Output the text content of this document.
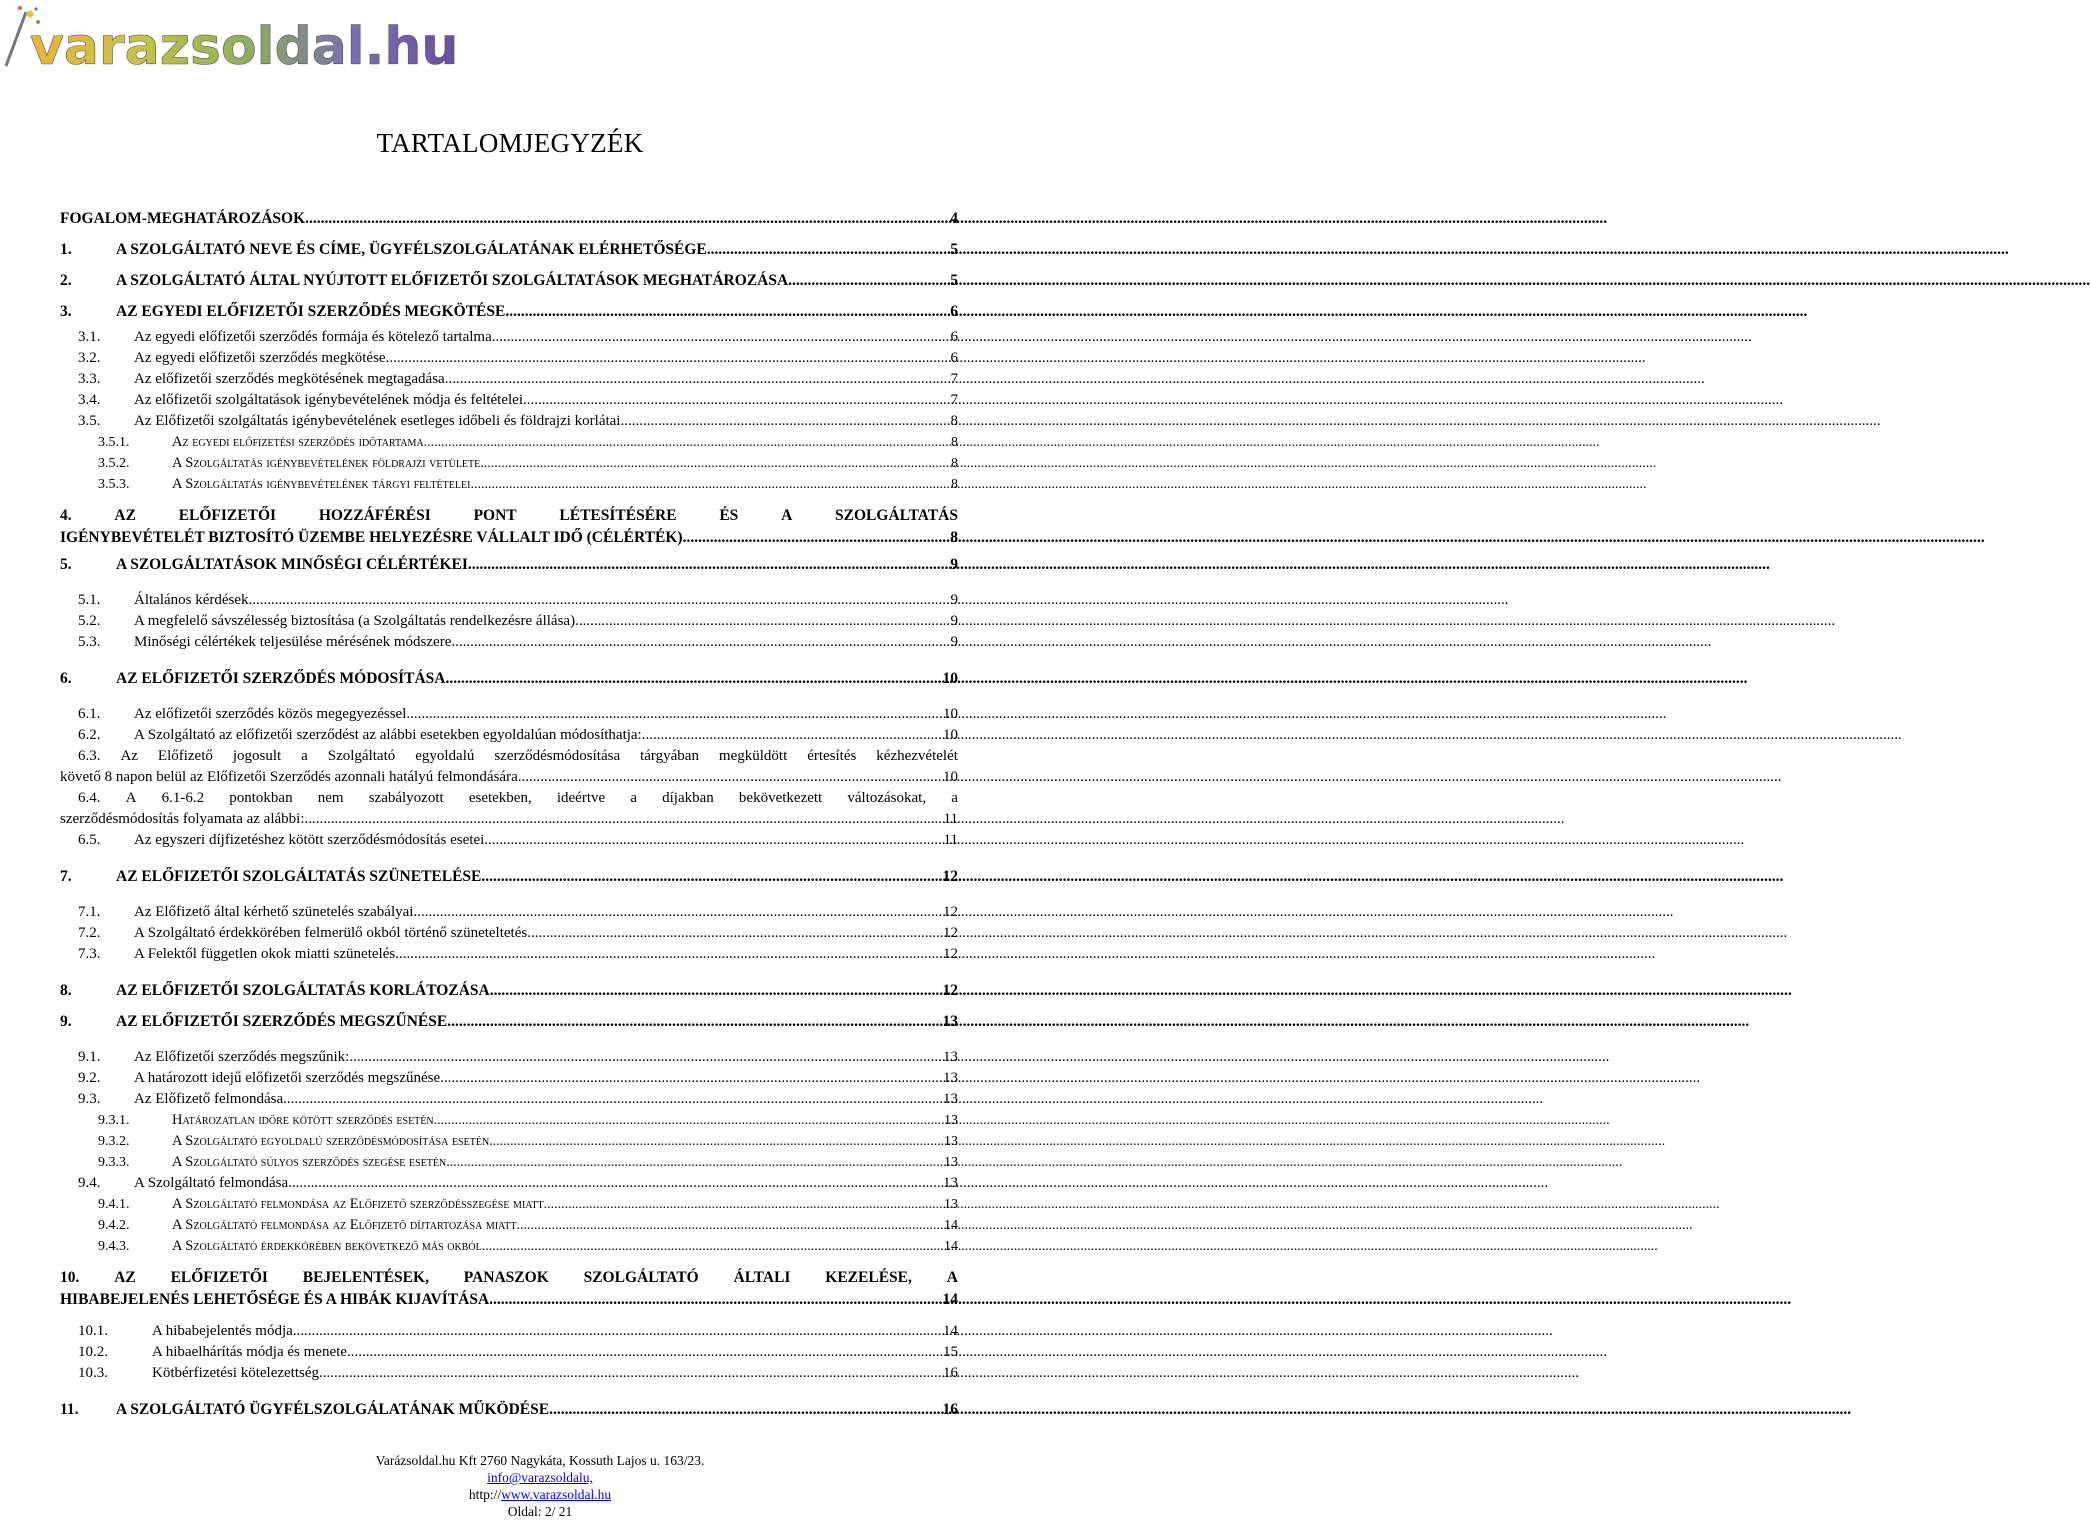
varazsoldal.hu
TARTALOMJEGYZÉK
FOGALOM-MEGHATÁROZÁSOK .....	4
1.	A SZOLGÁLTATÓ NEVE ÉS CÍME, ÜGYFÉLSZOLGÁLATÁNAK ELÉRHETŐSÉGE .....	5
2.	A SZOLGÁLTATÓ ÁLTAL NYÚJTOTT ELŐFIZETŐI SZOLGÁLTATÁSOK MEGHATÁROZÁSA .....	5
3.	AZ EGYEDI ELŐFIZETŐI SZERZŐDÉS MEGKÖTÉSE .....	6
3.1.	Az egyedi előfizetői szerződés formája és kötelező tartalma .....	6
3.2.	Az egyedi előfizetői szerződés megkötése .....	6
3.3.	Az előfizetői szerződés megkötésének megtagadása .....	7
3.4.	Az előfizetői szolgáltatások igénybevételének módja és feltételei .....	7
3.5.	Az Előfizetői szolgáltatás igénybevételének esetleges időbeli és földrajzi korlátai .....	8
3.5.1.	Az egyedi előfizetési szerződés időtartama .....	8
3.5.2.	A Szolgáltatás igénybevételének földrajzi vetülete .....	8
3.5.3.	A Szolgáltatás igénybevételének tárgyi feltételei .....	8
4.	AZ	ELŐFIZETŐI	HOZZÁFÉRÉSI	PONT	LÉTESÍTÉSÉRE	ÉS	A	SZOLGÁLTATÁS
IGÉNYBEVÉTELÉT BIZTOSÍTÓ ÜZEMBE HELYEZÉSRE VÁLLALT IDŐ (CÉLÉRTÉK) .....	8
5.	A SZOLGÁLTATÁSOK MINŐSÉGI CÉLÉRTÉKEI .....	9
5.1.	Általános kérdések .....	9
5.2.	A megfelelő sávszélesség biztosítása (a Szolgáltatás rendelkezésre állása) .....	9
5.3.	Minőségi célértékek teljesülése mérésének módszere .....	9
6.	AZ ELŐFIZETŐI SZERZŐDÉS MÓDOSÍTÁSA .....	10
6.1.	Az előfizetői szerződés közös megegyezéssel .....	10
6.2.	A Szolgáltató az előfizetői szerződést az alábbi esetekben egyoldalúan módosíthatja: .....	10
6.3. Az Előfizető jogosult a Szolgáltató egyoldalú szerződésmódosítása tárgyában megküldött értesítés kézhezvételét
követő 8 napon belül az Előfizetői Szerződés azonnali hatályú felmondására. .....	10
6.4. A 6.1-6.2 pontokban nem szabályozott esetekben, ideértve a díjakban bekövetkezett változásokat, a
szerződésmódosítás folyamata az alábbi: .....	11
6.5.	Az egyszeri díjfizetéshez kötött szerződésmódosítás esetei .....	11
7.	AZ ELŐFIZETŐI SZOLGÁLTATÁS SZÜNETELÉSE .....	12
7.1.	Az Előfizető által kérhető szünetelés szabályai .....	12
7.2.	A Szolgáltató érdekkörében felmerülő okból történő szüneteltetés .....	12
7.3.	A Felektől független okok miatti szünetelés .....	12
8.	AZ ELŐFIZETŐI SZOLGÁLTATÁS KORLÁTOZÁSA .....	12
9.	AZ ELŐFIZETŐI SZERZŐDÉS MEGSZŰNÉSE .....	13
9.1.	Az Előfizetői szerződés megszűnik: .....	13
9.2.	A határozott idejű előfizetői szerződés megszűnése .....	13
9.3.	Az Előfizető felmondása .....	13
9.3.1.	Határozatlan időre kötött szerződés esetén .....	13
9.3.2.	A Szolgáltató egyoldalú szerződésmódosítása esetén .....	13
9.3.3.	A Szolgáltató súlyos szerződés szegése esetén .....	13
9.4.	A Szolgáltató felmondása .....	13
9.4.1.	A Szolgáltató felmondása az Előfizető szerződésszegése miatt .....	13
9.4.2.	A Szolgáltató felmondása az Előfizető díjtartozása miatt .....	14
9.4.3.	A Szolgáltató érdekkörében bekövetkező más okból .....	14
10. AZ ELŐFIZETŐI BEJELENTÉSEK, PANASZOK SZOLGÁLTATÓ ÁLTALI KEZELÉSE, A
HIBABEJELENÉS LEHETŐSÉGE ÉS A HIBÁK KIJAVÍTÁSA .....	14
10.1.	A hibabejelentés módja .....	14
10.2.	A hibaelhárítás módja és menete .....	15
10.3.	Kötbérfizetési kötelezettség .....	16
11.	A SZOLGÁLTATÓ ÜGYFÉLSZOLGÁLATÁNAK MŰKÖDÉSE .....	16
Varázsoldal.hu Kft 2760 Nagykáta, Kossuth Lajos u. 163/23.
info@varazsoldalu,
http://www.varazsoldal.hu
Oldal: 2/ 21
